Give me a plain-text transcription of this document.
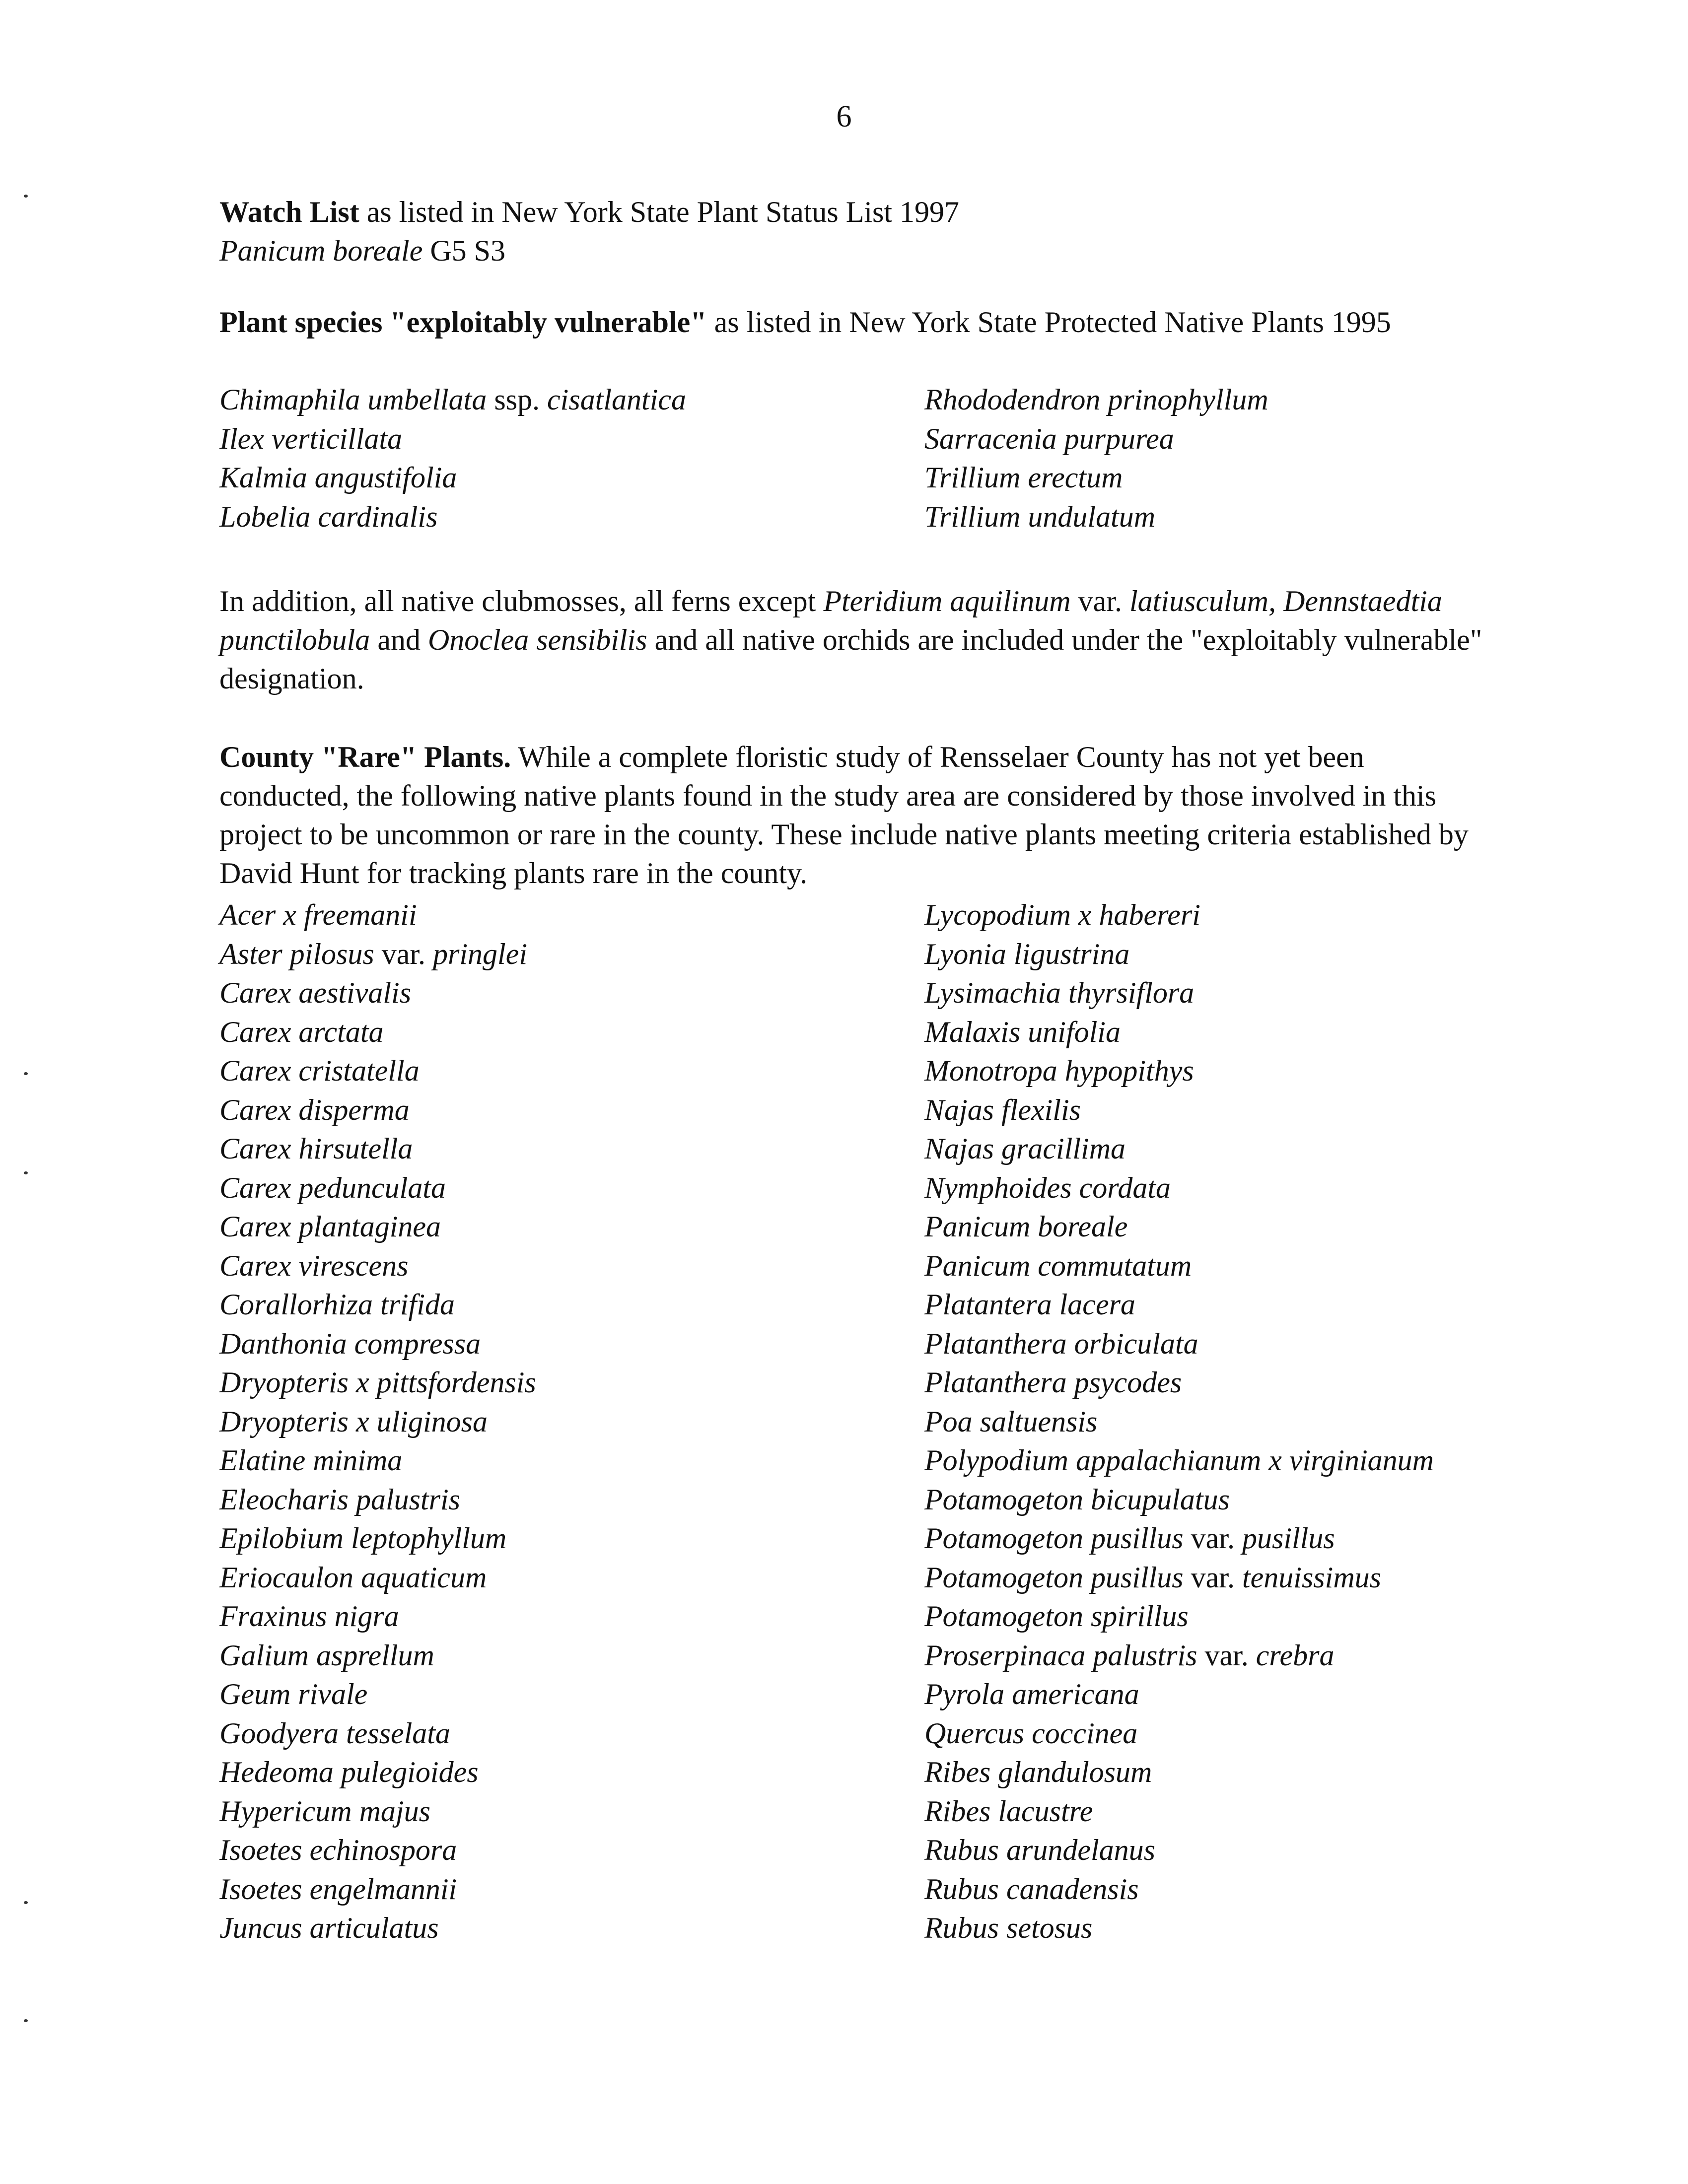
6
Watch List as listed in New York State Plant Status List 1997
Panicum boreale G5 S3
Plant species "exploitably vulnerable" as listed in New York State Protected Native Plants 1995
Chimaphila umbellata ssp. cisatlantica	Rhododendron prinophyllum
Ilex verticillata	Sarracenia purpurea
Kalmia angustifolia	Trillium erectum
Lobelia cardinalis	Trillium undulatum
In addition, all native clubmosses, all ferns except Pteridium aquilinum var. latiusculum, Dennstaedtia punctilobula and Onoclea sensibilis and all native orchids are included under the "exploitably vulnerable" designation.
County "Rare" Plants. While a complete floristic study of Rensselaer County has not yet been conducted, the following native plants found in the study area are considered by those involved in this project to be uncommon or rare in the county. These include native plants meeting criteria established by David Hunt for tracking plants rare in the county.
Acer x freemanii	Lycopodium x habereri
Aster pilosus var. pringlei	Lyonia ligustrina
Carex aestivalis	Lysimachia thyrsiflora
Carex arctata	Malaxis unifolia
Carex cristatella	Monotropa hypopithys
Carex disperma	Najas flexilis
Carex hirsutella	Najas gracillima
Carex pedunculata	Nymphoides cordata
Carex plantaginea	Panicum boreale
Carex virescens	Panicum commutatum
Corallorhiza trifida	Platantera lacera
Danthonia compressa	Platanthera orbiculata
Dryopteris x pittsfordensis	Platanthera psycodes
Dryopteris x uliginosa	Poa saltuensis
Elatine minima	Polypodium appalachianum x virginianum
Eleocharis palustris	Potamogeton bicupulatus
Epilobium leptophyllum	Potamogeton pusillus var. pusillus
Eriocaulon aquaticum	Potamogeton pusillus var. tenuissimus
Fraxinus nigra	Potamogeton spirillus
Galium asprellum	Proserpinaca palustris var. crebra
Geum rivale	Pyrola americana
Goodyera tesselata	Quercus coccinea
Hedeoma pulegioides	Ribes glandulosum
Hypericum majus	Ribes lacustre
Isoetes echinospora	Rubus arundelanus
Isoetes engelmannii	Rubus canadensis
Juncus articulatus	Rubus setosus
